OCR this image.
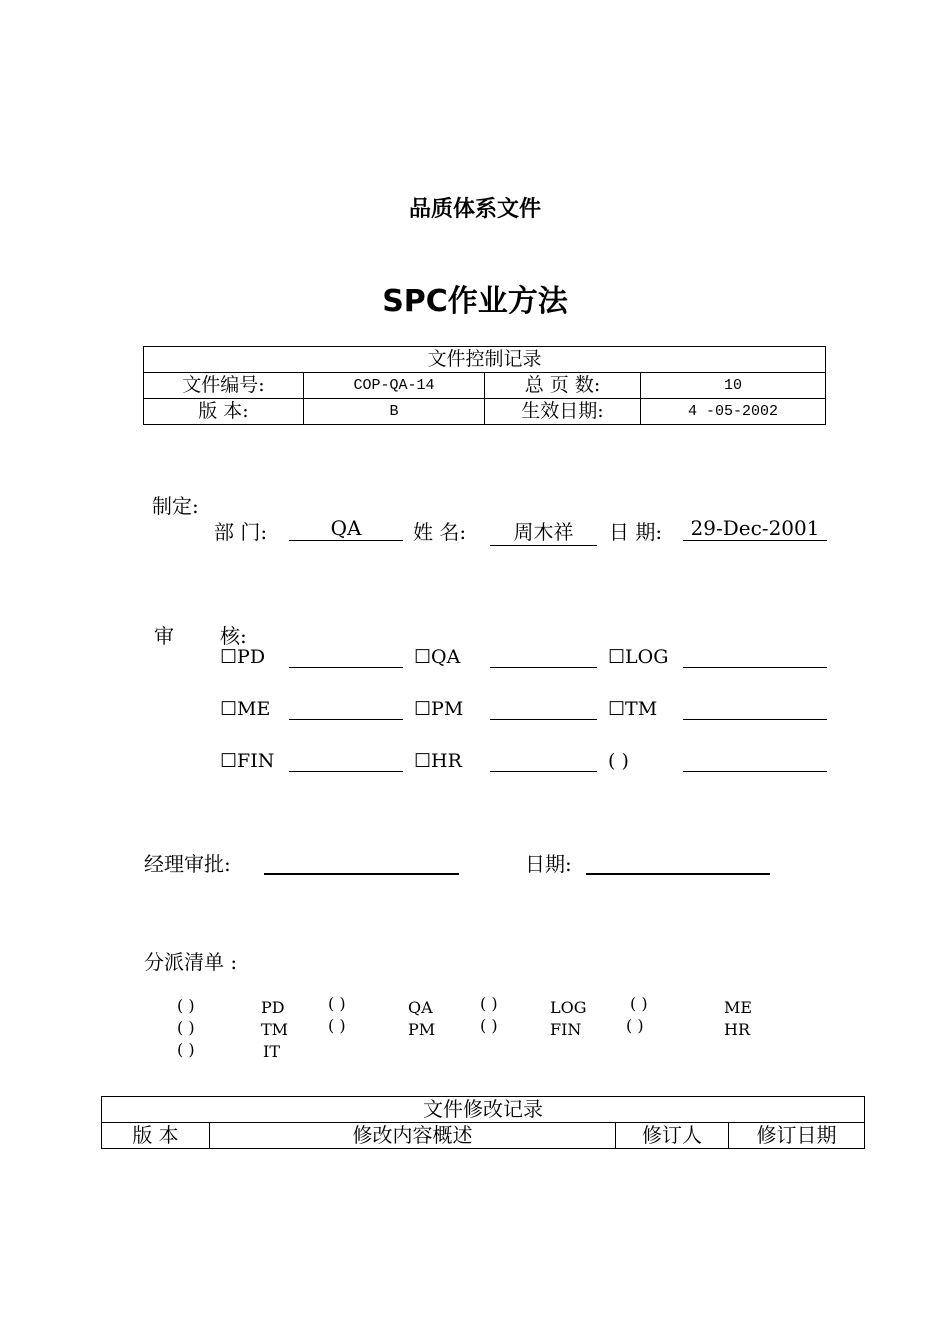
品质体系文件
SPC作业方法
文件控制记录			
文件编号:	COP-QA-14	总 页 数:	10
版 本:	B	生效日期:	4 -05-2002
制定:
部 门:	QA	姓 名:	周木祥	日 期:	29-Dec-2001
审 核:
☐PD	☐QA	☐LOG
☐ME	☐PM	☐TM
☐FIN	☐HR	( )
经理审批:	日期:
分派清单 :
( )	PD	( )	QA	( )	LOG	( )	ME
( )	TM ( )	PM	( )	FIN	( )	HR
( )	IT
文件修改记录
版 本	修改内容概述	修订人	修订日期
